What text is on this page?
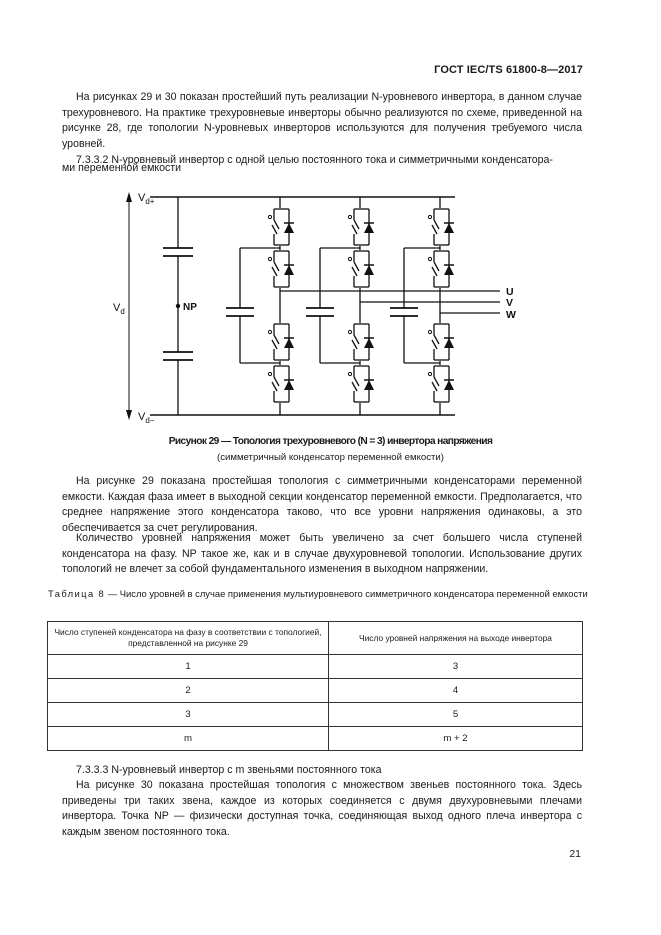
ГОСТ IEC/TS 61800-8—2017
На рисунках 29 и 30 показан простейший путь реализации N-уровневого инвертора, в данном случае трехуровневого. На практике трехуровневые инверторы обычно реализуются по схеме, приведенной на рисунке 28, где топологии N-уровневых инверторов используются для получения требуемого числа уровней.
7.3.3.2 N-уровневый инвертор с одной целью постоянного тока и симметричными конденсатора-
ми переменной емкости
$V_{d+}$
$V_d$
$V_{d-}$
NP
U
V
W
Рисунок 29 — Топология трехуровневого (N = 3) инвертора напряжения
(симметричный конденсатор переменной емкости)
На рисунке 29 показана простейшая топология с симметричными конденсаторами переменной емкости. Каждая фаза имеет в выходной секции конденсатор переменной емкости. Предполагается, что среднее напряжение этого конденсатора таково, что все уровни напряжения одинаковы, а это обеспечивается за счет регулирования.
Количество уровней напряжения может быть увеличено за счет большего числа ступеней конденсатора на фазу. NP такое же, как и в случае двухуровневой топологии. Использование других топологий не влечет за собой фундаментального изменения в выходном напряжении.
Таблица 8 — Число уровней в случае применения мультиуровневого симметричного конденсатора переменной емкости
Число ступеней конденсатора на фазу в соответствии с топологией, представленной на рисунке 29	Число уровней напряжения на выходе инвертора
1	3
2	4
3	5
m	m + 2
7.3.3.3 N-уровневый инвертор с m звеньями постоянного тока
На рисунке 30 показана простейшая топология с множеством звеньев постоянного тока. Здесь приведены три таких звена, каждое из которых соединяется с двумя двухуровневыми плечами инвертора. Точка NP — физически доступная точка, соединяющая выход одного плеча инвертора с каждым звеном постоянного тока.
21
